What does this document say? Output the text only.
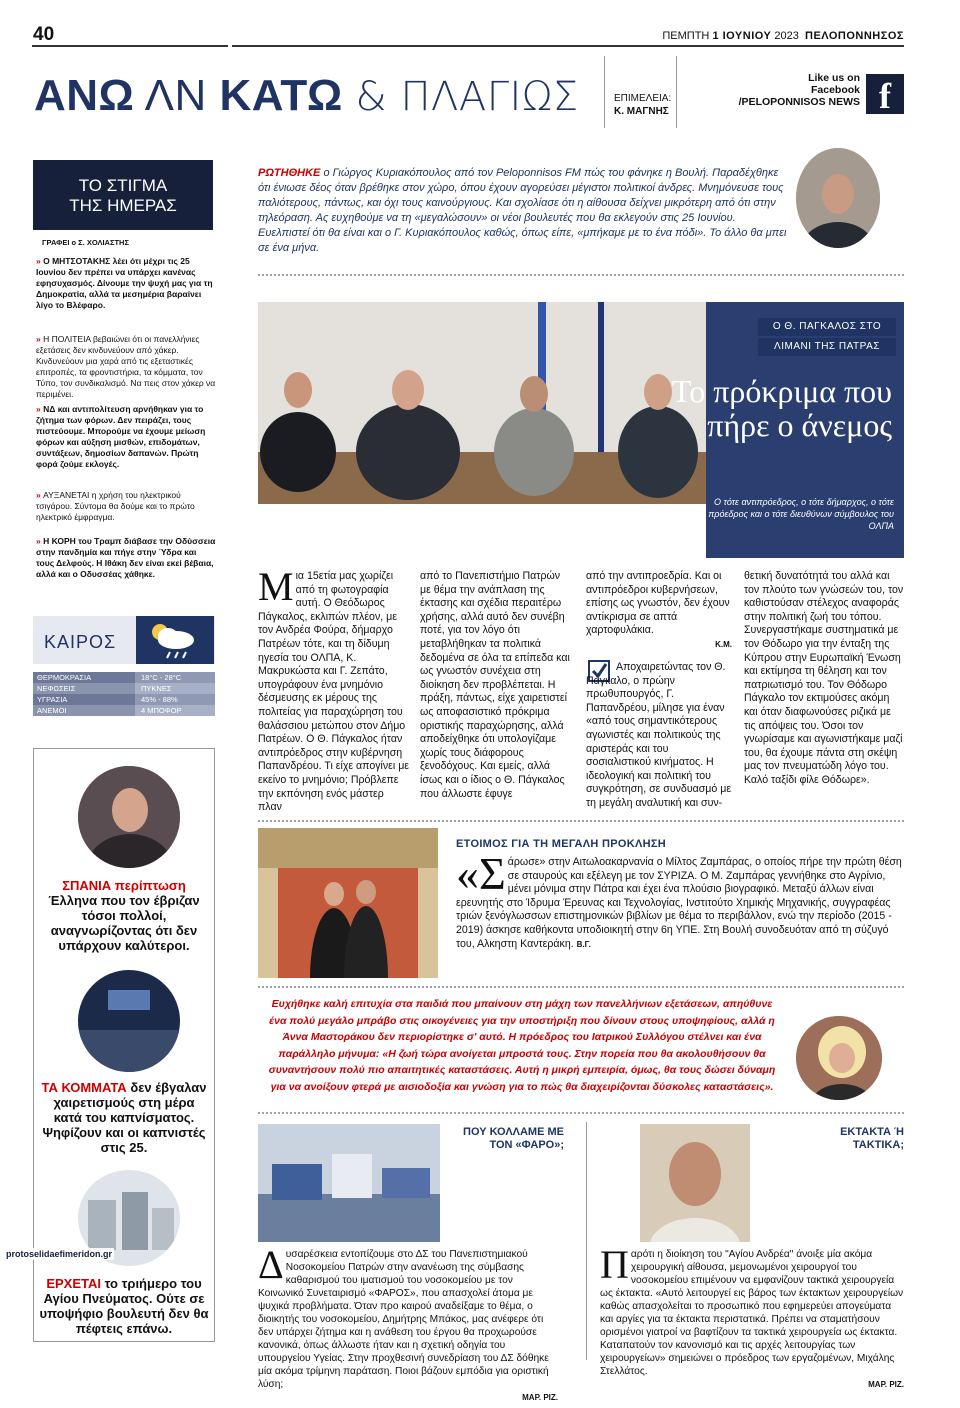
40	ΠΕΜΠΤΗ 1 ΙΟΥΝΙΟΥ 2023 ΠΕΛΟΠΟΝΝΗΣΟΣ
ΑΝΩ ΛΝ ΚΑΤΩ & ΠΛΑΓΙΩΣ	ΕΠΙΜΕΛΕΙΑ:
Κ. ΜΑΓΝΗΣ
Like us on
Facebook
/PELOPONNISOS NEWS f
ΤΟ ΣΤΙΓΜΑ
ΤΗΣ ΗΜΕΡΑΣ
ΓΡΑΦΕΙ ο Σ. ΧΟΛΙΑΣΤΗΣ
» Ο ΜΗΤΣΟΤΑΚΗΣ λέει ότι μέχρι τις 25 Ιουνίου δεν πρέπει να υπάρχει κανένας εφησυχασμός. Δίνουμε την ψυχή μας για τη Δημοκρατία, αλλά τα μεσημέρια βαραίνει λίγο το Βλέφαρο.
» Η ΠΟΛΙΤΕΙΑ βεβαιώνει ότι οι πανελλήνιες εξετάσεις δεν κινδυνεύουν από χάκερ. Κινδυνεύουν μια χαρά από τις εξεταστικές επιτροπές, τα φροντιστήρια, τα κόμματα, τον Τύπο, τον συνδικαλισμό. Να πεις στον χάκερ να περιμένει.
» ΝΔ και αντιπολίτευση αρνήθηκαν για το ζήτημα των φόρων. Δεν πειράζει, τους πιστεύουμε. Μπορούμε να έχουμε μείωση φόρων και αύξηση μισθών, επιδομάτων, συντάξεων, δημοσίων δαπανών. Πρώτη φορά ζούμε εκλογές.
» ΑΥΞΑΝΕΤΑΙ η χρήση του ηλεκτρικού τσιγάρου. Σύντομα θα δούμε και το πρώτο ηλεκτρικό έμφραγμα.
» Η ΚΟΡΗ του Τραμπ διάβασε την Οδύσσεια στην πανδημία και πήγε στην Ύδρα και τους Δελφούς. Η Ιθάκη δεν είναι εκεί βέβαια, αλλά και ο Οδυσσέας χάθηκε.
ΚΑΙΡΟΣ
ΘΕΡΜΟΚΡΑΣΙΑ	18°C - 28°C
ΝΕΦΩΣΕΙΣ	ΠΥΚΝΕΣ
ΥΓΡΑΣΙΑ	45% - 88%
ΑΝΕΜΟΙ	4 ΜΠΟΦΟΡ
ΣΠΑΝΙΑ περίπτωση Έλληνα που τον έβριζαν τόσοι πολλοί, αναγνωρίζοντας ότι δεν υπάρχουν καλύτεροι.
ΤΑ ΚΟΜΜΑΤΑ δεν έβγαλαν χαιρετισμούς στη μέρα κατά του καπνίσματος. Ψηφίζουν και οι καπνιστές στις 25.
ΕΡΧΕΤΑΙ το τριήμερο του Αγίου Πνεύματος. Ούτε σε υποψήφιο βουλευτή δεν θα πέφτεις επάνω.
protoselidaefimeridon.gr
ΡΩΤΗΘΗΚΕ ο Γιώργος Κυριακόπουλος από τον Peloponnisos FM πώς του φάνηκε η Βουλή. Παραδέχθηκε ότι ένιωσε δέος όταν βρέθηκε στον χώρο, όπου έχουν αγορεύσει μέγιστοι πολιτικοί άνδρες. Μνημόνευσε τους παλιότερους, πάντως, και όχι τους καινούργιους. Και σχολίασε ότι η αίθουσα δείχνει μικρότερη από ότι στην τηλεόραση. Ας ευχηθούμε να τη «μεγαλώσουν» οι νέοι βουλευτές που θα εκλεγούν στις 25 Ιουνίου. Ευελπιστεί ότι θα είναι και ο Γ. Κυριακόπουλος καθώς, όπως είπε, «μπήκαμε με το ένα πόδι». Το άλλο θα μπει σε ένα μήνα.
Ο Θ. ΠΑΓΚΑΛΟΣ ΣΤΟ
ΛΙΜΑΝΙ ΤΗΣ ΠΑΤΡΑΣ
Το πρόκριμα που πήρε ο άνεμος
Ο τότε αντιπρόεδρος, ο τότε δήμαρχος, ο τότε πρόεδρος και ο τότε διευθύνων σύμβουλος του ΟΛΠΑ
Μια 15ετία μας χωρίζει από τη φωτογραφία αυτή. Ο Θεόδωρος Πάγκαλος, εκλιπών πλέον, με τον Ανδρέα Φούρα, δήμαρχο Πατρέων τότε, και τη δίδυμη ηγεσία του ΟΛΠΑ, Κ. Μακρυκώστα και Γ. Ζεπάτο, υπογράφουν ένα μνημόνιο δέσμευσης εκ μέρους της πολιτείας για παραχώρηση του θαλάσσιου μετώπου στον Δήμο Πατρέων. Ο Θ. Πάγκαλος ήταν αντιπρόεδρος στην κυβέρνηση Παπανδρέου. Τι είχε απογίνει με εκείνο το μνημόνιο; Πρόβλεπε την εκπόνηση ενός μάστερ πλαν
από το Πανεπιστήμιο Πατρών με θέμα την ανάπλαση της έκτασης και σχέδια περαιτέρω χρήσης, αλλά αυτό δεν συνέβη ποτέ, για τον λόγο ότι μεταβλήθηκαν τα πολιτικά δεδομένα σε όλα τα επίπεδα και ως γνωστόν συνέχεια στη διοίκηση δεν προβλέπεται. Η πράξη, πάντως, είχε χαιρετιστεί ως αποφασιστικό πρόκριμα οριστικής παραχώρησης, αλλά αποδείχθηκε ότι υπολογίζαμε χωρίς τους διάφορους ξενοδόχους. Και εμείς, αλλά ίσως και ο ίδιος ο Θ. Πάγκαλος που άλλωστε έφυγε
από την αντιπροεδρία. Και οι αντιπρόεδροι κυβερνήσεων, επίσης ως γνωστόν, δεν έχουν αντίκρισμα σε απτά χαρτοφυλάκια.
Κ.Μ.
Αποχαιρετώντας τον Θ. Πάγκαλο, ο πρώην πρωθυπουργός, Γ. Παπανδρέου, μίλησε για έναν «από τους σημαντικότερους αγωνιστές και πολιτικούς της αριστεράς και του σοσιαλιστικού κινήματος. Η ιδεολογική και πολιτική του συγκρότηση, σε συνδυασμό με τη μεγάλη αναλυτική και συν-
θετική δυνατότητά του αλλά και τον πλούτο των γνώσεών του, τον καθιστούσαν στέλεχος αναφοράς στην πολιτική ζωή του τόπου. Συνεργαστήκαμε συστηματικά με τον Θόδωρο για την ένταξη της Κύπρου στην Ευρωπαϊκή Ένωση και εκτίμησα τη θέληση και τον πατριωτισμό του. Τον Θόδωρο Πάγκαλο τον εκτιμούσες ακόμη και όταν διαφωνούσες ριζικά με τις απόψεις του. Όσοι τον γνωρίσαμε και αγωνιστήκαμε μαζί του, θα έχουμε πάντα στη σκέψη μας τον πνευματώδη λόγο του. Καλό ταξίδι φίλε Θόδωρε».
ΕΤΟΙΜΟΣ ΓΙΑ ΤΗ ΜΕΓΑΛΗ ΠΡΟΚΛΗΣΗ
«Σάρωσε» στην Αιτωλοακαρνανία ο Μίλτος Ζαμπάρας, ο οποίος πήρε την πρώτη θέση σε σταυρούς και εξέλεγη με τον ΣΥΡΙΖΑ. Ο Μ. Ζαμπάρας γεννήθηκε στο Αγρίνιο, μένει μόνιμα στην Πάτρα και έχει ένα πλούσιο βιογραφικό. Μεταξύ άλλων είναι ερευνητής στο Ίδρυμα Έρευνας και Τεχνολογίας, Ινστιτούτο Χημικής Μηχανικής, συγγραφέας τριών ξενόγλωσσων επιστημονικών βιβλίων με θέμα το περιβάλλον, ενώ την περίοδο (2015 - 2019) άσκησε καθήκοντα υποδιοικητή στην 6η ΥΠΕ. Στη Βουλή συνοδευόταν από τη σύζυγό του, Αλκηστη Καντεράκη. Β.Γ.
Ευχήθηκε καλή επιτυχία στα παιδιά που μπαίνουν στη μάχη των πανελλήνιων εξετάσεων, απηύθυνε ένα πολύ μεγάλο μπράβο στις οικογένειες για την υποστήριξη που δίνουν στους υποψηφίους, αλλά η Άννα Μαστοράκου δεν περιορίστηκε σ' αυτό. Η πρόεδρος του Ιατρικού Συλλόγου στέλνει και ένα παράλληλο μήνυμα: «Η ζωή τώρα ανοίγεται μπροστά τους. Στην πορεία που θα ακολουθήσουν θα συναντήσουν πολύ πιο απαιτητικές καταστάσεις. Αυτή η μικρή εμπειρία, όμως, θα τους δώσει δύναμη για να ανοίξουν φτερά με αισιοδοξία και γνώση για το πώς θα διαχειρίζονται δύσκολες καταστάσεις».
ΠΟΥ ΚΟΛΛΑΜΕ ΜΕ ΤΟΝ «ΦΑΡΟ»;
Δυσαρέσκεια εντοπίζουμε στο ΔΣ του Πανεπιστημιακού Νοσοκομείου Πατρών στην ανανέωση της σύμβασης καθαρισμού του ιματισμού του νοσοκομείου με τον Κοινωνικό Συνεταιρισμό «ΦΑΡΟΣ», που απασχολεί άτομα με ψυχικά προβλήματα. Όταν προ καιρού αναδείξαμε το θέμα, ο διοικητής του νοσοκομείου, Δημήτρης Μπάκος, μας ανέφερε ότι δεν υπάρχει ζήτημα και η ανάθεση του έργου θα προχωρούσε κανονικά, όπως άλλωστε ήταν και η σχετική οδηγία του υπουργείου Υγείας. Στην προχθεσινή συνεδρίαση του ΔΣ δόθηκε μία ακόμα τρίμηνη παράταση. Ποιοι βάζουν εμπόδια για οριστική λύση;
ΜΑΡ. ΡΙΖ.
ΕΚΤΑΚΤΑ Ή ΤΑΚΤΙΚΑ;
Παρότι η διοίκηση του "Αγίου Ανδρέα" άνοιξε μία ακόμα χειρουργική αίθουσα, μεμονωμένοι χειρουργοί του νοσοκομείου επιμένουν να εμφανίζουν τακτικά χειρουργεία ως έκτακτα. «Αυτό λειτουργεί εις βάρος των έκτακτων χειρουργείων καθώς απασχολείται το προσωπικό που εφημερεύει απογεύματα και αργίες για τα έκτακτα περιστατικά. Πρέπει να σταματήσουν ορισμένοι γιατροί να βαφτίζουν τα τακτικά χειρουργεία ως έκτακτα. Καταπατούν τον κανονισμό και τις αρχές λειτουργίας των χειρουργείων» σημειώνει ο πρόεδρος των εργαζομένων, Μιχάλης Στελλάτος.
ΜΑΡ. ΡΙΖ.
